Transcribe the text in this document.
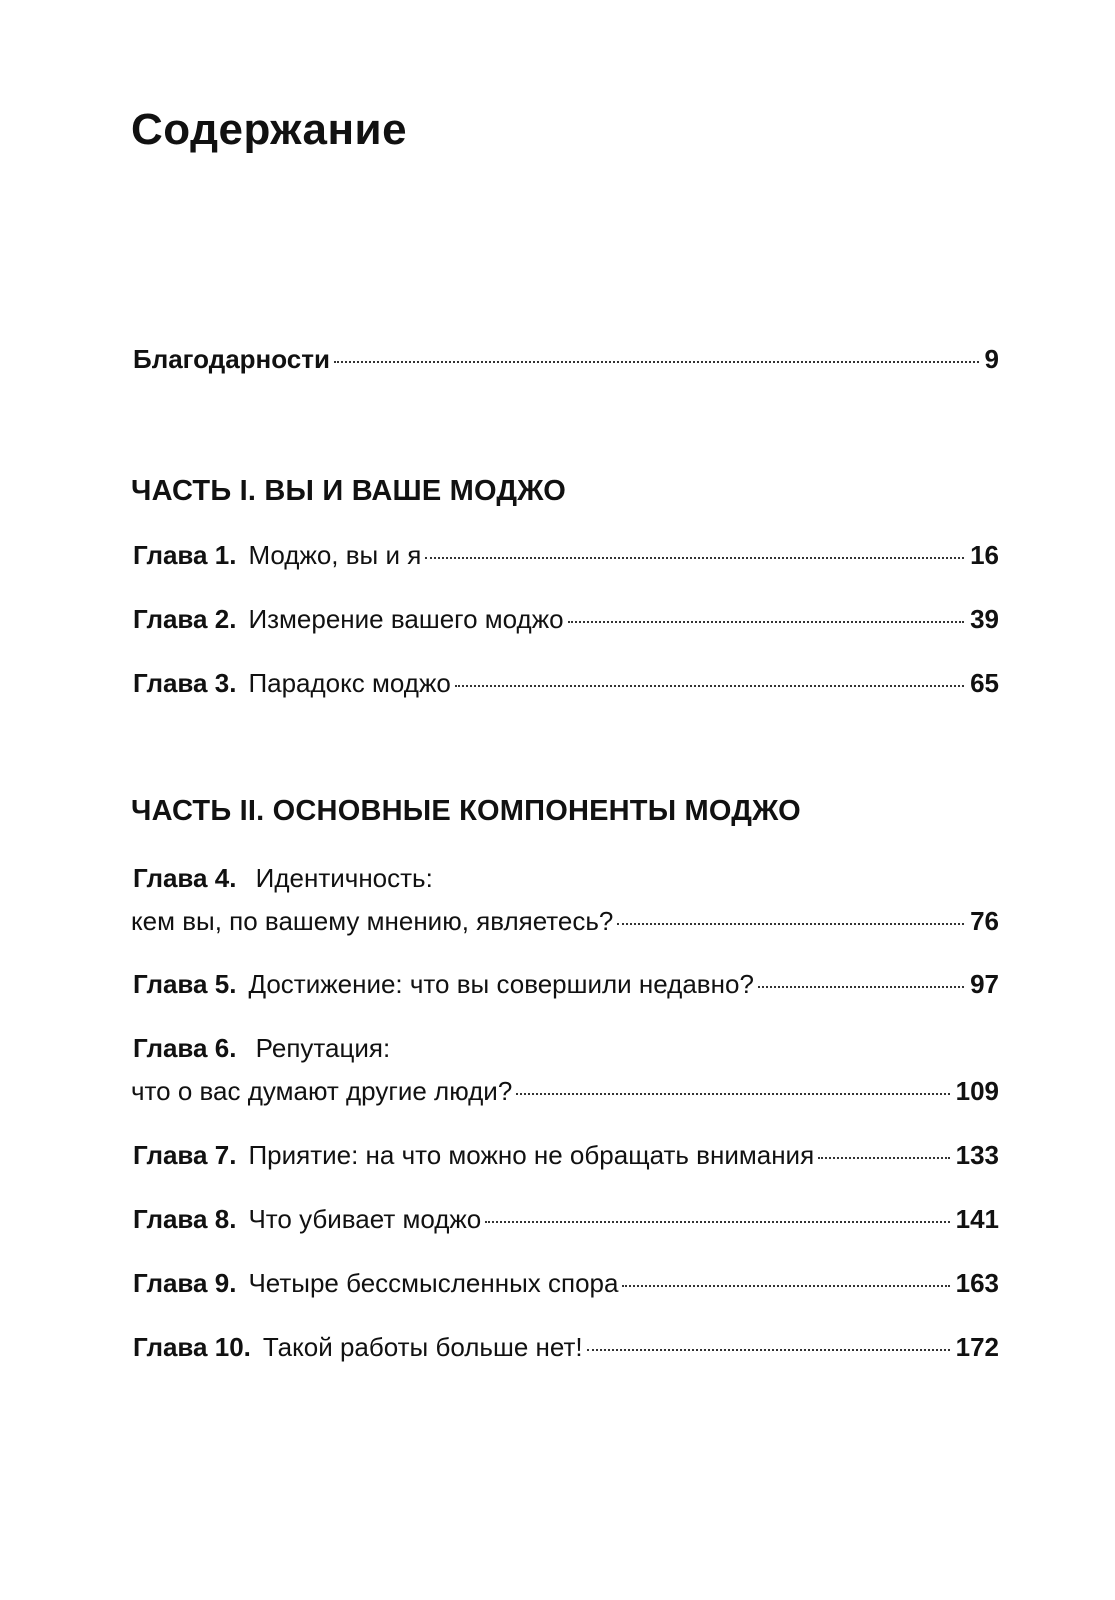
Содержание
Благодарности	9
ЧАСТЬ I. ВЫ И ВАШЕ МОДЖО
Глава 1. Моджо, вы и я	16
Глава 2. Измерение вашего моджо	39
Глава 3. Парадокс моджо	65
ЧАСТЬ II. ОСНОВНЫЕ КОМПОНЕНТЫ МОДЖО
Глава 4. Идентичность:
кем вы, по вашему мнению, являетесь?	76
Глава 5. Достижение: что вы совершили недавно?	97
Глава 6. Репутация:
что о вас думают другие люди?	109
Глава 7. Приятие: на что можно не обращать внимания	133
Глава 8. Что убивает моджо	141
Глава 9. Четыре бессмысленных спора	163
Глава 10. Такой работы больше нет!	172
